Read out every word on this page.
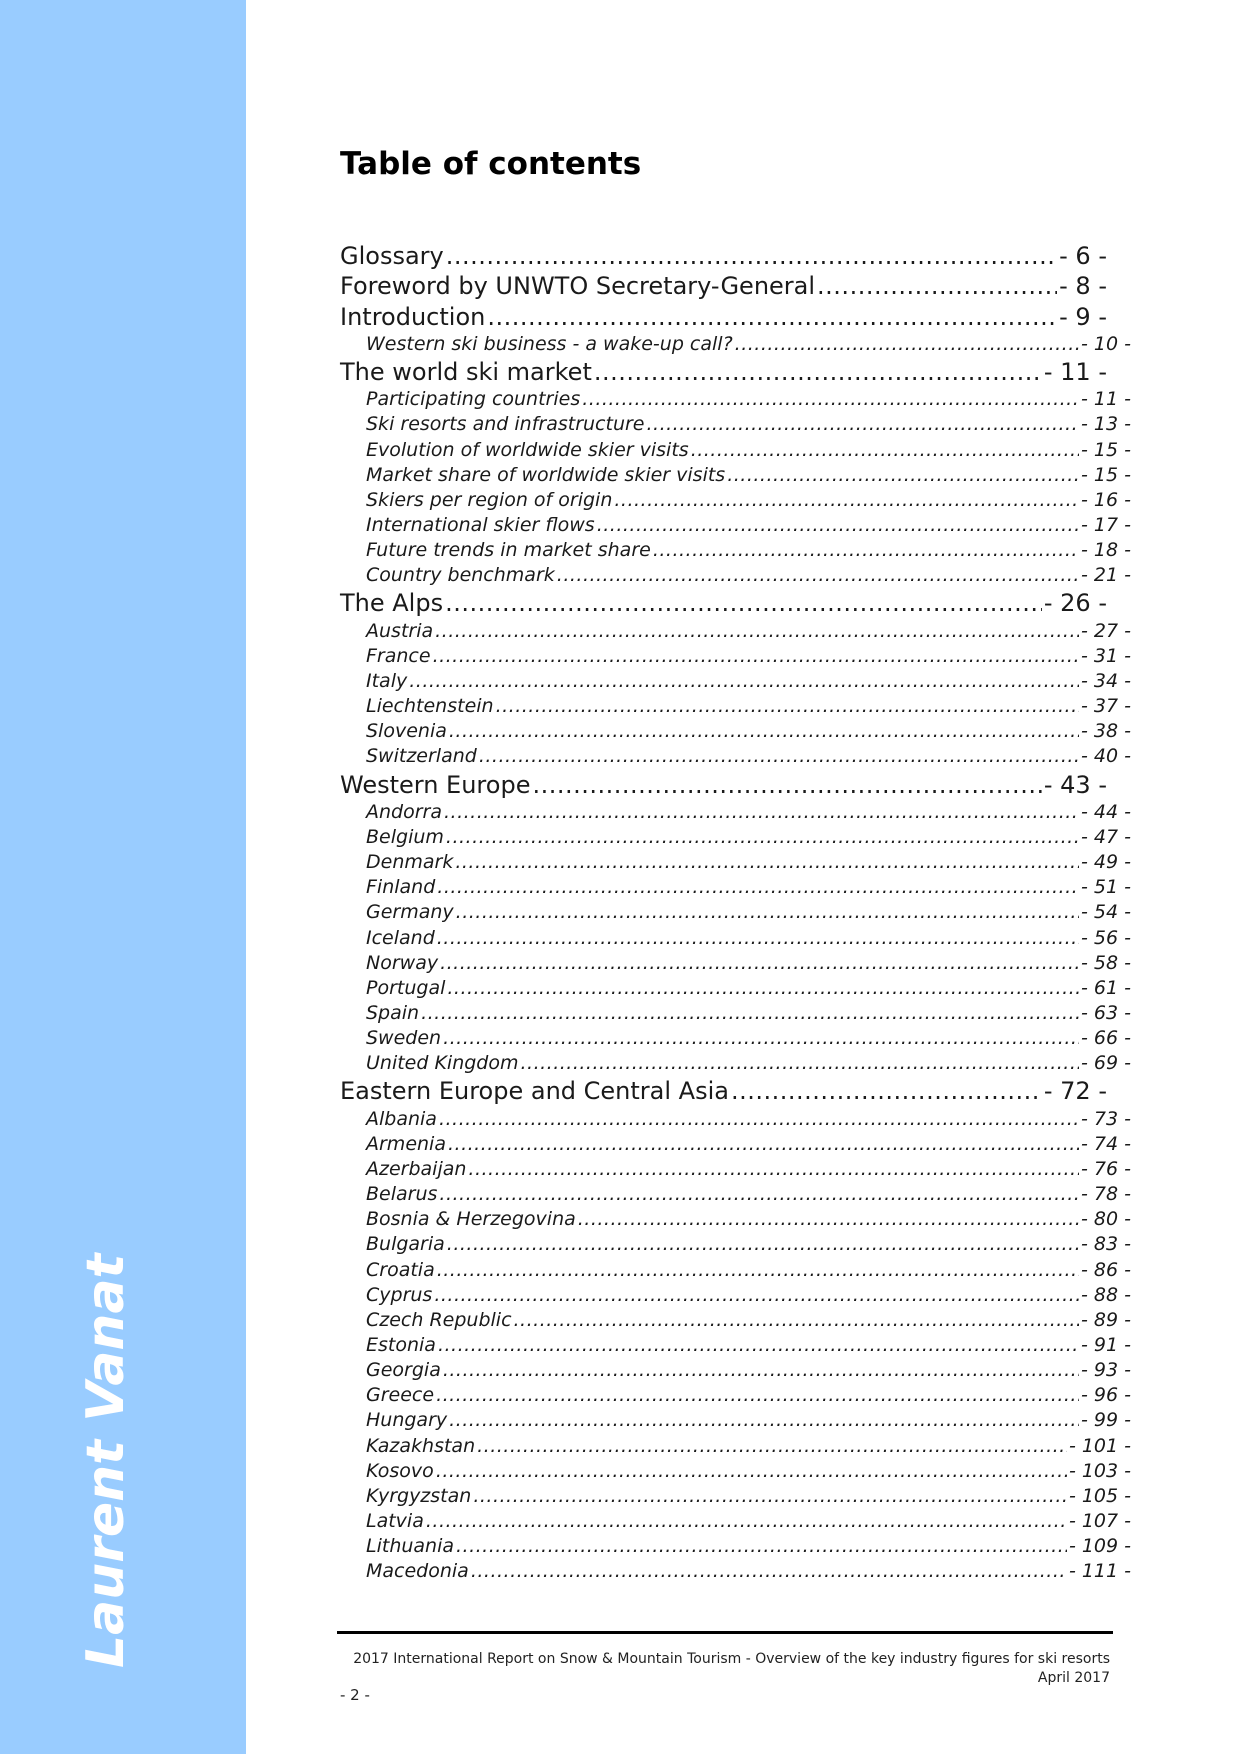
Laurent Vanat
Table of contents
Glossary .....	- 6 -
Foreword by UNWTO Secretary-General .....	- 8 -
Introduction .....	- 9 -
Western ski business - a wake-up call? .....	- 10 -
The world ski market .....	- 11 -
Participating countries .....	- 11 -
Ski resorts and infrastructure .....	- 13 -
Evolution of worldwide skier visits .....	- 15 -
Market share of worldwide skier visits .....	- 15 -
Skiers per region of origin .....	- 16 -
International skier flows .....	- 17 -
Future trends in market share .....	- 18 -
Country benchmark .....	- 21 -
The Alps .....	- 26 -
Austria .....	- 27 -
France .....	- 31 -
Italy .....	- 34 -
Liechtenstein .....	- 37 -
Slovenia .....	- 38 -
Switzerland .....	- 40 -
Western Europe .....	- 43 -
Andorra .....	- 44 -
Belgium .....	- 47 -
Denmark .....	- 49 -
Finland .....	- 51 -
Germany .....	- 54 -
Iceland .....	- 56 -
Norway .....	- 58 -
Portugal .....	- 61 -
Spain .....	- 63 -
Sweden .....	- 66 -
United Kingdom .....	- 69 -
Eastern Europe and Central Asia .....	- 72 -
Albania .....	- 73 -
Armenia .....	- 74 -
Azerbaijan .....	- 76 -
Belarus .....	- 78 -
Bosnia & Herzegovina .....	- 80 -
Bulgaria .....	- 83 -
Croatia .....	- 86 -
Cyprus .....	- 88 -
Czech Republic .....	- 89 -
Estonia .....	- 91 -
Georgia .....	- 93 -
Greece .....	- 96 -
Hungary .....	- 99 -
Kazakhstan .....	- 101 -
Kosovo .....	- 103 -
Kyrgyzstan .....	- 105 -
Latvia .....	- 107 -
Lithuania .....	- 109 -
Macedonia .....	- 111 -
2017 International Report on Snow & Mountain Tourism - Overview of the key industry figures for ski resorts
April 2017
- 2 -
